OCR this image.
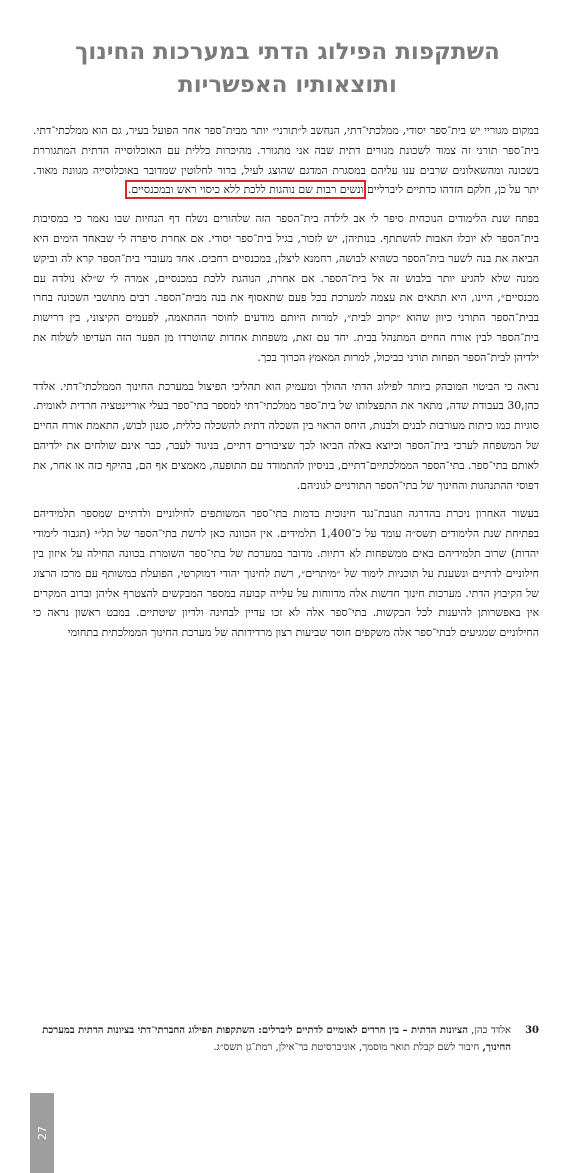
השתקפות הפילוג הדתי במערכות החינוך
ותוצאותיו האפשריות

במקום מגוריי יש בית־ספר יסודי, ממלכתי־דתי, הנחשב ל״תורני״ יותר מבית־ספר אחר הפועל בעיר, גם הוא ממלכתי־דתי. בית־ספר תורני זה צמוד לשכונת מגורים דתית שבה אני מתגורר. מהיכרות כללית עם האוכלוסייה הדתית המתגוררת בשכונה ומהשאלונים שרבים ענו עליהם במסגרת המדגם שהוצג לעיל, ברור לחלוטין שמדובר באוכלוסייה מגוונת מאוד. יתר על כן, חלקם הזדהו כדתיים ליברליים ונשים רבות שם נוהגות ללכת ללא כיסוי ראש ובמכנסיים.

בפתח שנת הלימודים הנוכחית סיפר לי אב לילדה בית־הספר הזה שלהורים נשלח דף הנחיות שבו נאמר כי במסיבות בית־הספר לא יוכלו האבות להשתתף. בנותיהן, יש לזכור, בגיל בית־ספר יסודי. אם אחרת סיפרה לי שבאחד הימים היא הביאה את בנה לשער בית־הספר כשהיא לבושה, רחמנא ליצלן, במכנסיים רחבים. אחד מעובדי בית־הספר קרא לה וביקש ממנה שלא להגיע יותר בלבוש זה אל בית־הספר. אם אחרת, הנוהגת ללכת במכנסיים, אמרה לי ש״לא נולדה עם מכנסיים״, היינו, היא תתאים את עצמה למערכת בכל פעם שתאסוף את בנה מבית־הספר. רבים מתושבי השכונה בחרו בבית־הספר התורני כיוון שהוא ״קרוב לבית״, למרות היותם מודעים לחוסר ההתאמה, לפעמים הקיצוני, בין דרישות בית־הספר לבין אורח החיים המתנהל בבית. יחד עם זאת, משפחות אחדות שהוטרדו מן הפער הזה העדיפו לשלוח את ילדיהן לבית־הספר הפחות תורני כביכול, למרות המאמץ הכרוך בכך.

נראה כי הביטוי המובהק ביותר לפילוג הדתי ההולך ומעמיק הוא תהליכי הפיצול במערכת החינוך הממלכתי־דתי. אלדד כהן,30 בעבודת שדה, מתאר את התפצלותו של בית־ספר ממלכתי־דתי למספר בתי־ספר בעלי אוריינטציה חרדית לאומית. סוגיות כמו כיתות מעורבות לבנים ולבנות, היחס הראוי בין השכלה דתית להשכלה כללית, סגנון לבוש, התאמת אורח החיים של המשפחה לערכי בית־הספר וכיוצא באלה הביאו לכך שציבורים דתיים, בניגוד לעבר, כבר אינם שולחים את ילדיהם לאותם בתי־ספר. בתי־הספר הממלכתיים־דתיים, בניסיון להתמודד עם התופעה, מאמצים אף הם, בהיקף כזה או אחר, את דפוסי ההתנהגות והחינוך של בתי־הספר התורניים לגוניהם.

בעשור האחרון ניכרת בהדרגה תגובת־נגד חינוכית בדמות בתי־ספר המשותפים לחילוניים ולדתיים שמספר תלמידיהם בפתיחת שנת הלימודים תשס״ה עומד על כ־1,400 תלמידים. אין הכוונה כאן לרשת בתי־הספר של תל״י (תגבור לימודי יהדות) שרוב תלמידיהם באים ממשפחות לא דתיות. מדובר במערכת של בתי־ספר השומרת בכוונה תחילה על איזון בין חילוניים לדתיים ונשענת על תוכניות לימוד של ״מיתרים״, רשת לחינוך יהודי דמוקרטי, הפועלת במשותף עם מרכז הרצוג של הקיבוץ הדתי. מערכות חינוך חדשות אלה מדווחות על עלייה קבועה במספר המבקשים להצטרף אליהן וברוב המקרים אין באפשרותן להיענות לכל הבקשות. בתי־ספר אלה לא זכו עדיין לבחינה ולדיון שיטתיים. במבט ראשון נראה כי החילוניים שמגיעים לבתי־ספר אלה משקפים חוסר שביעות רצון מרדידותה של מערכת החינוך הממלכתית בתחומי

30
אלדד כהן, הציונות הדתית – בין חרדים לאומיים לדתיים ליברלים: השתקפות הפילוג החברתי־דתי בציונות הדתית במערכת החינוך, חיבור לשם קבלת תואר מוסמך, אוניברסיטת בר־אילן, רמת־גן תשס״ג.
27
